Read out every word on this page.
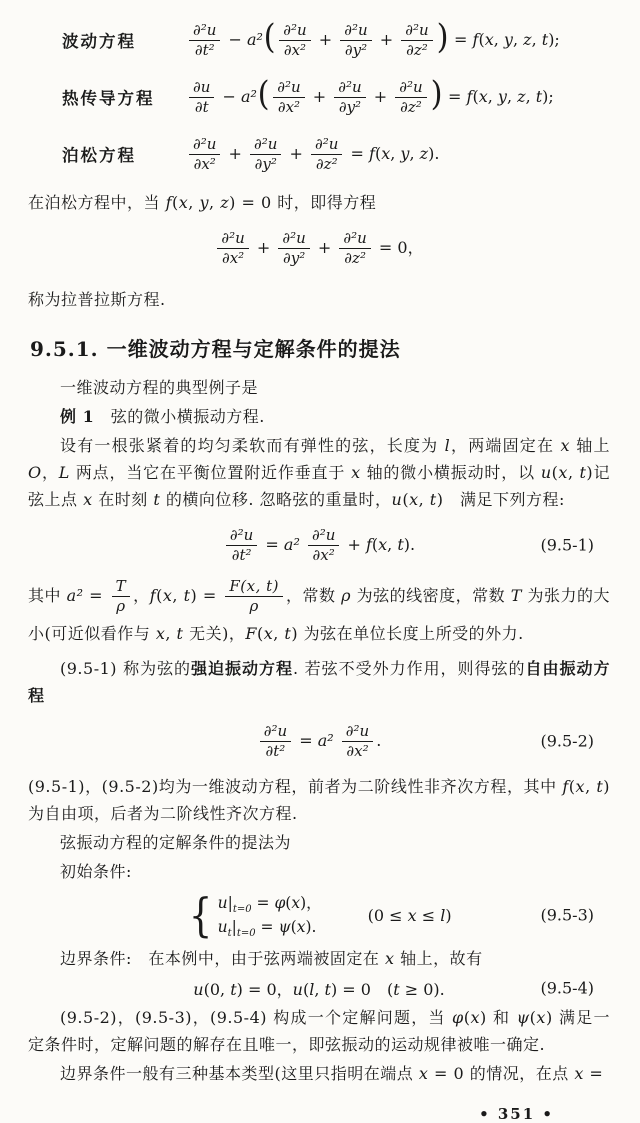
波动方程	$\frac{\text{∂²u}}{\text{∂t²}} - a^2( \frac{\text{∂²u}}{\text{∂x²}} + \frac{\text{∂²u}}{\text{∂y²}} + \frac{\text{∂²u}}{\text{∂z²}}$ ) = f(x, y, z, t);
热传导方程	$\frac{\partial u}{\partial t} - a^2( \frac{\text{∂²u}}{\text{∂x²}} + \frac{\text{∂²u}}{\text{∂y²}} + \frac{\text{∂²u}}{\text{∂z²}}$ ) = f(x, y, z, t);
泊松方程	$\frac{\text{∂²u}}{\text{∂x²}} + \frac{\text{∂²u}}{\text{∂y²}} + \frac{\text{∂²u}}{\text{∂z²}} = f(x$, y, z).

在泊松方程中，当 f(x, y, z) = 0 时，即得方程

$\frac{\text{∂²u}}{\text{∂x²}} + \frac{\text{∂²u}}{\text{∂y²}} + \frac{\text{∂²u}}{\text{∂z²}} = 0$，

称为拉普拉斯方程.

9.5.1. 一维波动方程与定解条件的提法

一维波动方程的典型例子是

例 1　弦的微小横振动方程.

设有一根张紧着的均匀柔软而有弹性的弦，长度为 l，两端固定在 x 轴上O，L 两点，当它在平衡位置附近作垂直于 x 轴的微小横振动时，以 u(x, t)记弦上点 x 在时刻 t 的横向位移. 忽略弦的重量时，u(x, t)　满足下列方程:

$\frac{\text{∂²u}}{\text{∂t²}} = a^2 \frac{\text{∂²u}}{\text{∂x²}} + f(x$, t).	(9.5-1)

其中 $a^2 = \frac{T}{\rho}$ ，f(x, $t) = \frac{F(x, t)}{\rho}$ ，常数 ρ 为弦的线密度，常数 T 为张力的大小(可近似看作与 x, t 无关)，F(x, t) 为弦在单位长度上所受的外力.

(9.5-1) 称为弦的强迫振动方程. 若弦不受外力作用，则得弦的自由振动方程

$\frac{\text{∂²u}}{\text{∂t²}} = a^2 \frac{\text{∂²u}}{\text{∂x²}}$ .	(9.5-2)

(9.5-1)，(9.5-2)均为一维波动方程，前者为二阶线性非齐次方程，其中 f(x, t) 为自由项，后者为二阶线性齐次方程.

弦振动方程的定解条件的提法为

初始条件:

{ $u|_{t=0} = \varphi(x)$，
$u_t|_{t=0} = \psi(x)$.
(0 ≤ x ≤ l)	(9.5-3)

边界条件:　在本例中，由于弦两端被固定在 x 轴上，故有

u(0, t) = 0，u(l, t) = 0　(t ≥ 0).	(9.5-4)

(9.5-2)，(9.5-3)，(9.5-4) 构成一个定解问题，当 φ(x) 和 ψ(x) 满足一定条件时，定解问题的解存在且唯一，即弦振动的运动规律被唯一确定.

边界条件一般有三种基本类型(这里只指明在端点 x = 0 的情况，在点 x =

• 351 •
